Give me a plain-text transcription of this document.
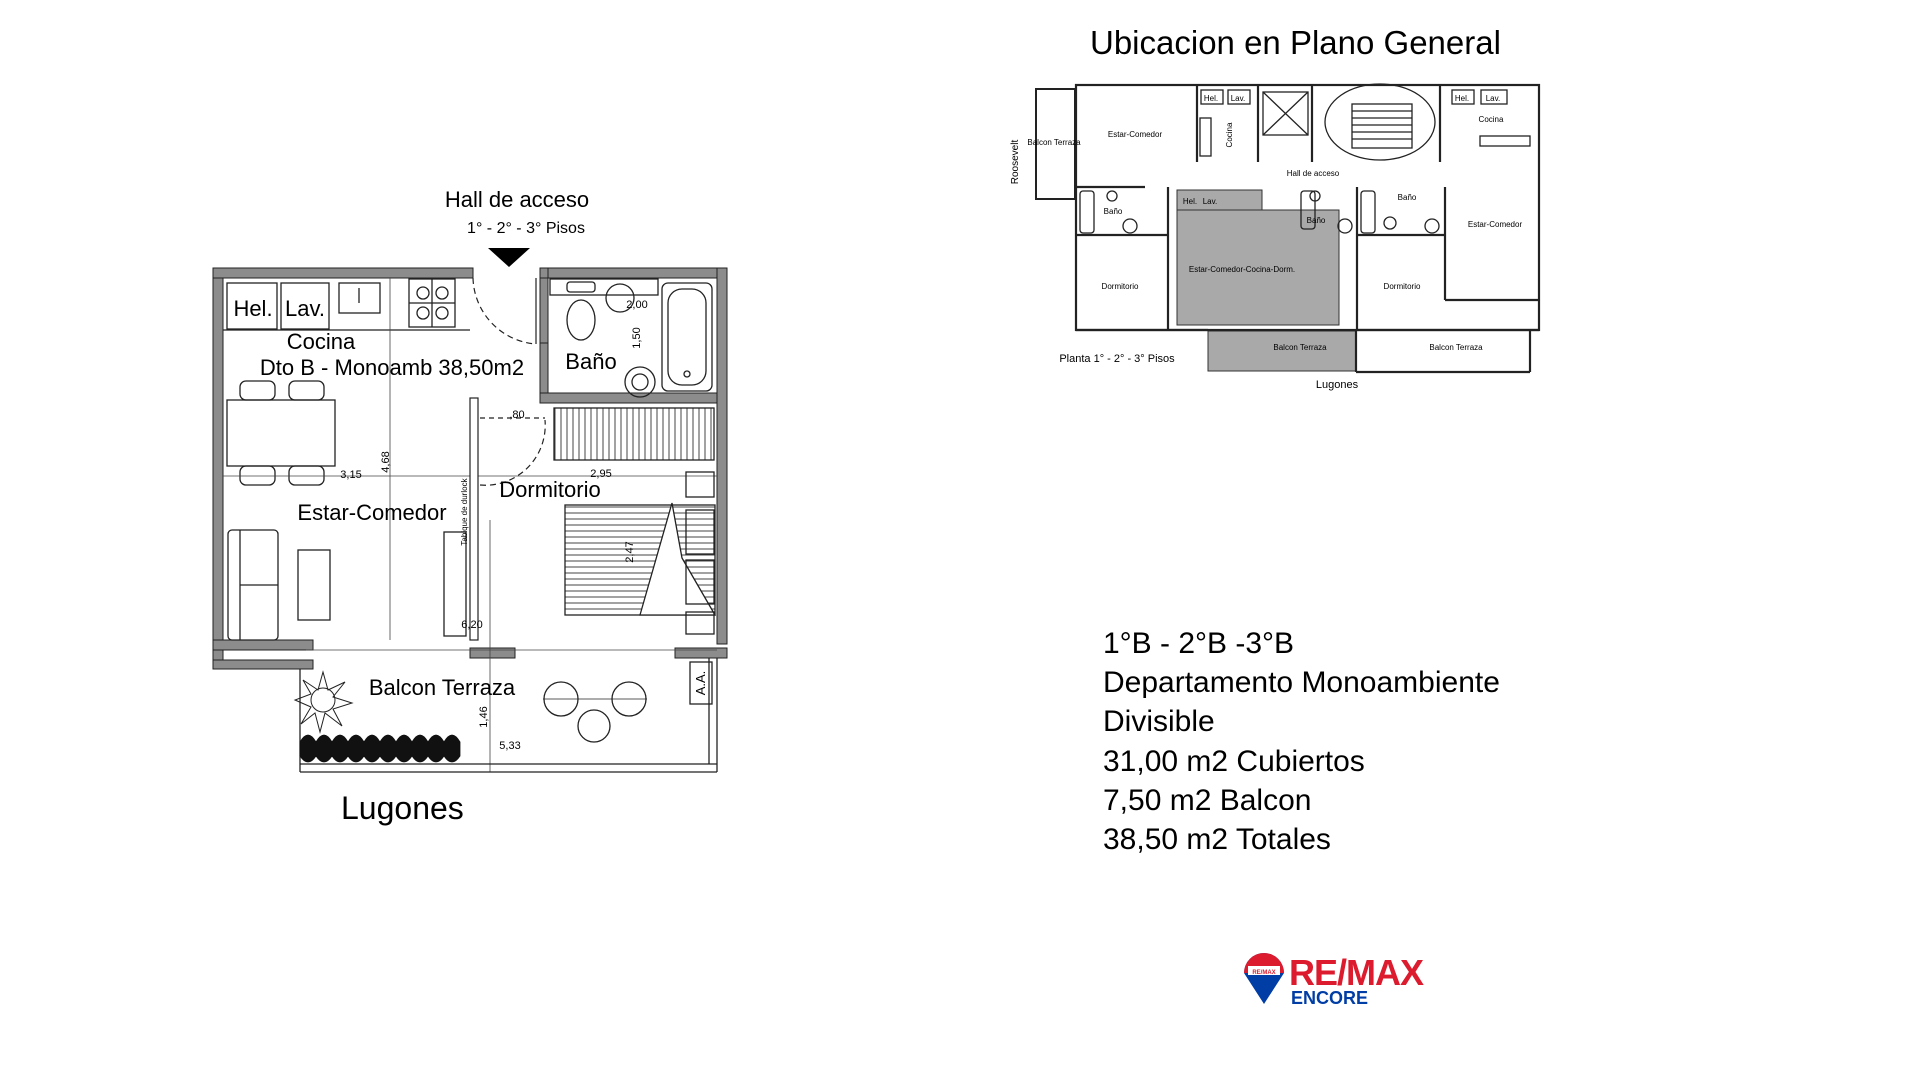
Hall de acceso
1° - 2° - 3° Pisos
Hel. Lav.
Cocina
Dto B - Monoamb 38,50m2
Tabique de durlock
Baño
Estar-Comedor
Dormitorio
3,15
4,68
2,95
2,47
6,20
,80
2,00
1,50
1,46
5,33
A.A.
Balcon Terraza
Lugones
Ubicacion en Plano General
Estar-Comedor
Balcon Terraza
Roosevelt
Cocina
Hel. Lav.
Hall de acceso
Cocina
Hel. Lav.
Baño
Baño
Baño	Estar-Comedor
Dormitorio
Hel. Lav.
Estar-Comedor-Cocina-Dorm.
Dormitorio
Balcon Terraza	Balcon Terraza
Planta 1° - 2° - 3° Pisos
Lugones
1°B - 2°B -3°B
Departamento Monoambiente
Divisible
31,00 m2 Cubiertos
7,50 m2 Balcon
38,50 m2 Totales
RE/MAX RE/MAX
ENCORE
